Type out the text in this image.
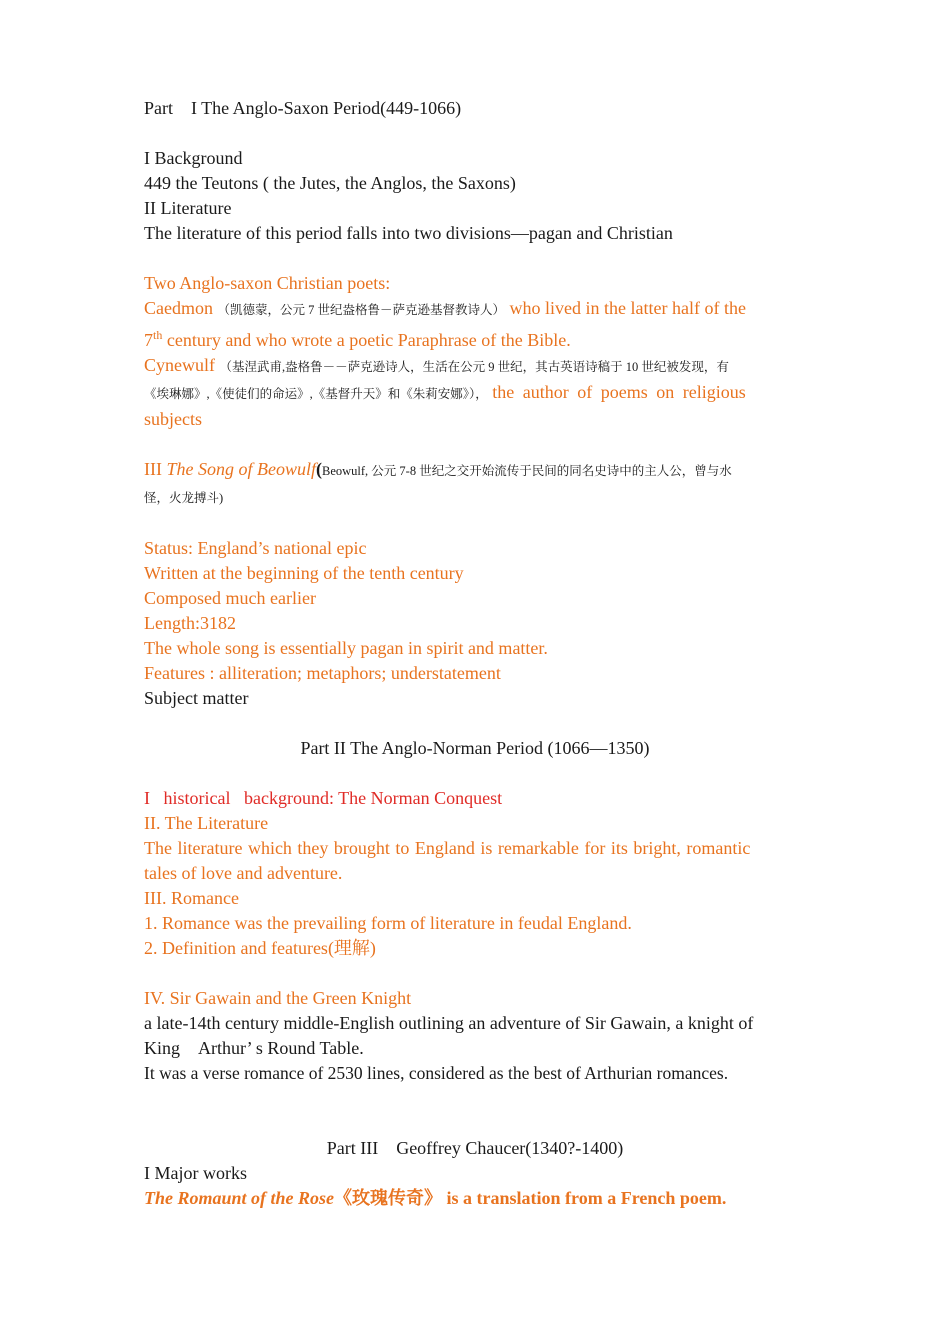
Part I The Anglo-Saxon Period(449-1066)
I Background
449 the Teutons ( the Jutes, the Anglos, the Saxons)
II Literature
The literature of this period falls into two divisions—pagan and Christian
Two Anglo-saxon Christian poets:
Caedmon （凯德蒙，公元 7 世纪盎格鲁－萨克逊基督教诗人） who lived in the latter half of the
7th century and who wrote a poetic Paraphrase of the Bible.
Cynewulf （基涅武甫,盎格鲁－－萨克逊诗人，生活在公元 9 世纪，其古英语诗稿于 10 世纪被发现，有
《埃琳娜》,《使徒们的命运》,《基督升天》和《朱莉安娜》）， the author of poems on religious
subjects
III The Song of Beowulf(Beowulf, 公元 7-8 世纪之交开始流传于民间的同名史诗中的主人公，曾与水
怪，火龙搏斗)
Status: England’s national epic
Written at the beginning of the tenth century
Composed much earlier
Length:3182
The whole song is essentially pagan in spirit and matter.
Features : alliteration; metaphors; understatement
Subject matter
Part II The Anglo-Norman Period (1066—1350)
I historical background: The Norman Conquest
II. The Literature
The literature which they brought to England is remarkable for its bright, romantic
tales of love and adventure.
III. Romance
1. Romance was the prevailing form of literature in feudal England.
2. Definition and features(理解)
IV. Sir Gawain and the Green Knight
a late-14th century middle-English outlining an adventure of Sir Gawain, a knight of
King Arthur’ s Round Table.
It was a verse romance of 2530 lines, considered as the best of Arthurian romances.
Part III Geoffrey Chaucer(1340?-1400)
I Major works
The Romaunt of the Rose《玫瑰传奇》 is a translation from a French poem.
